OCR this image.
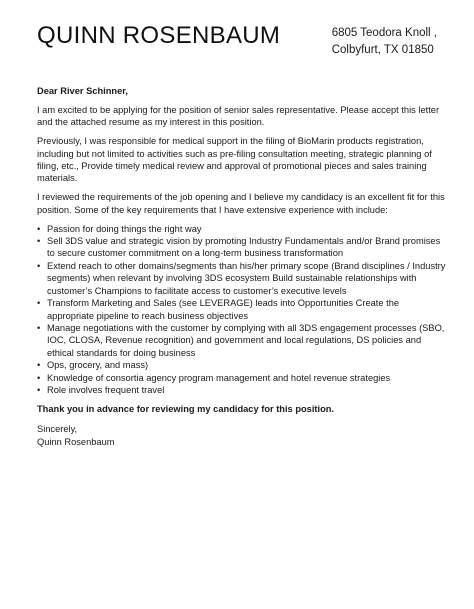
QUINN ROSENBAUM	6805 Teodora Knoll ,
Colbyfurt, TX 01850

Dear River Schinner,

I am excited to be applying for the position of senior sales representative. Please accept this letter and the attached resume as my interest in this position.

Previously, I was responsible for medical support in the filing of BioMarin products registration, including but not limited to activities such as pre-filing consultation meeting, strategic planning of filing, etc., Provide timely medical review and approval of promotional pieces and sales training materials.

I reviewed the requirements of the job opening and I believe my candidacy is an excellent fit for this position. Some of the key requirements that I have extensive experience with include:

• Passion for doing things the right way
• Sell 3DS value and strategic vision by promoting Industry Fundamentals and/or Brand promises to secure customer commitment on a long-term business transformation
• Extend reach to other domains/segments than his/her primary scope (Brand disciplines / Industry segments) when relevant by involving 3DS ecosystem Build sustainable relationships with customer’s Champions to facilitate access to customer’s executive levels
• Transform Marketing and Sales (see LEVERAGE) leads into Opportunities Create the appropriate pipeline to reach business objectives
• Manage negotiations with the customer by complying with all 3DS engagement processes (SBO, IOC, CLOSA, Revenue recognition) and government and local regulations, DS policies and ethical standards for doing business
• Ops, grocery, and mass)
• Knowledge of consortia agency program management and hotel revenue strategies
• Role involves frequent travel

Thank you in advance for reviewing my candidacy for this position.

Sincerely,

Quinn Rosenbaum
